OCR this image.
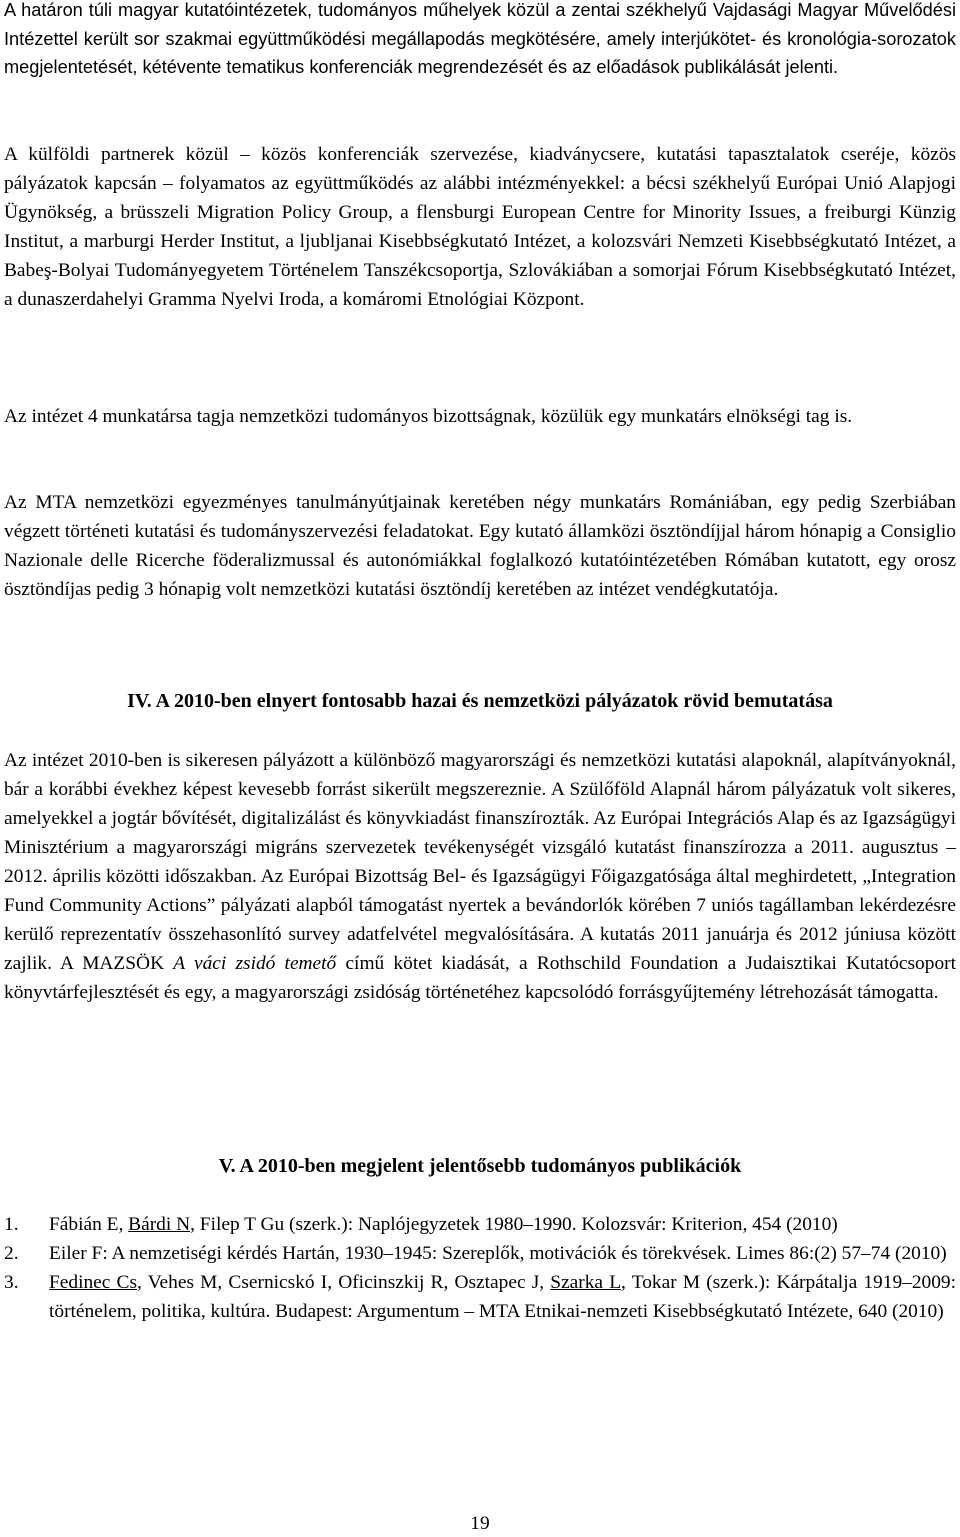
A határon túli magyar kutatóintézetek, tudományos műhelyek közül a zentai székhelyű Vajdasági Magyar Művelődési Intézettel került sor szakmai együttműködési megállapodás megkötésére, amely interjúkötet- és kronológia-sorozatok megjelentetését, kétévente tematikus konferenciák megrendezését és az előadások publikálását jelenti.

A külföldi partnerek közül – közös konferenciák szervezése, kiadványcsere, kutatási tapasztalatok cseréje, közös pályázatok kapcsán – folyamatos az együttműködés az alábbi intézményekkel: a bécsi székhelyű Európai Unió Alapjogi Ügynökség, a brüsszeli Migration Policy Group, a flensburgi European Centre for Minority Issues, a freiburgi Künzig Institut, a marburgi Herder Institut, a ljubljanai Kisebbségkutató Intézet, a kolozsvári Nemzeti Kisebbségkutató Intézet, a Babeş-Bolyai Tudományegyetem Történelem Tanszékcsoportja, Szlovákiában a somorjai Fórum Kisebbségkutató Intézet, a dunaszerdahelyi Gramma Nyelvi Iroda, a komáromi Etnológiai Központ.

Az intézet 4 munkatársa tagja nemzetközi tudományos bizottságnak, közülük egy munkatárs elnökségi tag is.

Az MTA nemzetközi egyezményes tanulmányútjainak keretében négy munkatárs Romániában, egy pedig Szerbiában végzett történeti kutatási és tudományszervezési feladatokat. Egy kutató államközi ösztöndíjjal három hónapig a Consiglio Nazionale delle Ricerche föderalizmussal és autonómiákkal foglalkozó kutatóintézetében Rómában kutatott, egy orosz ösztöndíjas pedig 3 hónapig volt nemzetközi kutatási ösztöndíj keretében az intézet vendégkutatója.

IV. A 2010-ben elnyert fontosabb hazai és nemzetközi pályázatok rövid bemutatása

Az intézet 2010-ben is sikeresen pályázott a különböző magyarországi és nemzetközi kutatási alapoknál, alapítványoknál, bár a korábbi évekhez képest kevesebb forrást sikerült megszereznie. A Szülőföld Alapnál három pályázatuk volt sikeres, amelyekkel a jogtár bővítését, digitalizálást és könyvkiadást finanszírozták. Az Európai Integrációs Alap és az Igazságügyi Minisztérium a magyarországi migráns szervezetek tevékenységét vizsgáló kutatást finanszírozza a 2011. augusztus – 2012. április közötti időszakban. Az Európai Bizottság Bel- és Igazságügyi Főigazgatósága által meghirdetett, „Integration Fund Community Actions” pályázati alapból támogatást nyertek a bevándorlók körében 7 uniós tagállamban lekérdezésre kerülő reprezentatív összehasonlító survey adatfelvétel megvalósítására. A kutatás 2011 januárja és 2012 júniusa között zajlik. A MAZSÖK A váci zsidó temető című kötet kiadását, a Rothschild Foundation a Judaisztikai Kutatócsoport könyvtárfejlesztését és egy, a magyarországi zsidóság történetéhez kapcsolódó forrásgyűjtemény létrehozását támogatta.

V. A 2010-ben megjelent jelentősebb tudományos publikációk
1. Fábián E, Bárdi N, Filep T Gu (szerk.): Naplójegyzetek 1980–1990. Kolozsvár: Kriterion, 454 (2010)
2. Eiler F: A nemzetiségi kérdés Hartán, 1930–1945: Szereplők, motivációk és törekvések. Limes 86:(2) 57–74 (2010)
3. Fedinec Cs, Vehes M, Csernicskó I, Oficinszkij R, Osztapec J, Szarka L, Tokar M (szerk.): Kárpátalja 1919–2009: történelem, politika, kultúra. Budapest: Argumentum – MTA Etnikai-nemzeti Kisebbségkutató Intézete, 640 (2010)
19
